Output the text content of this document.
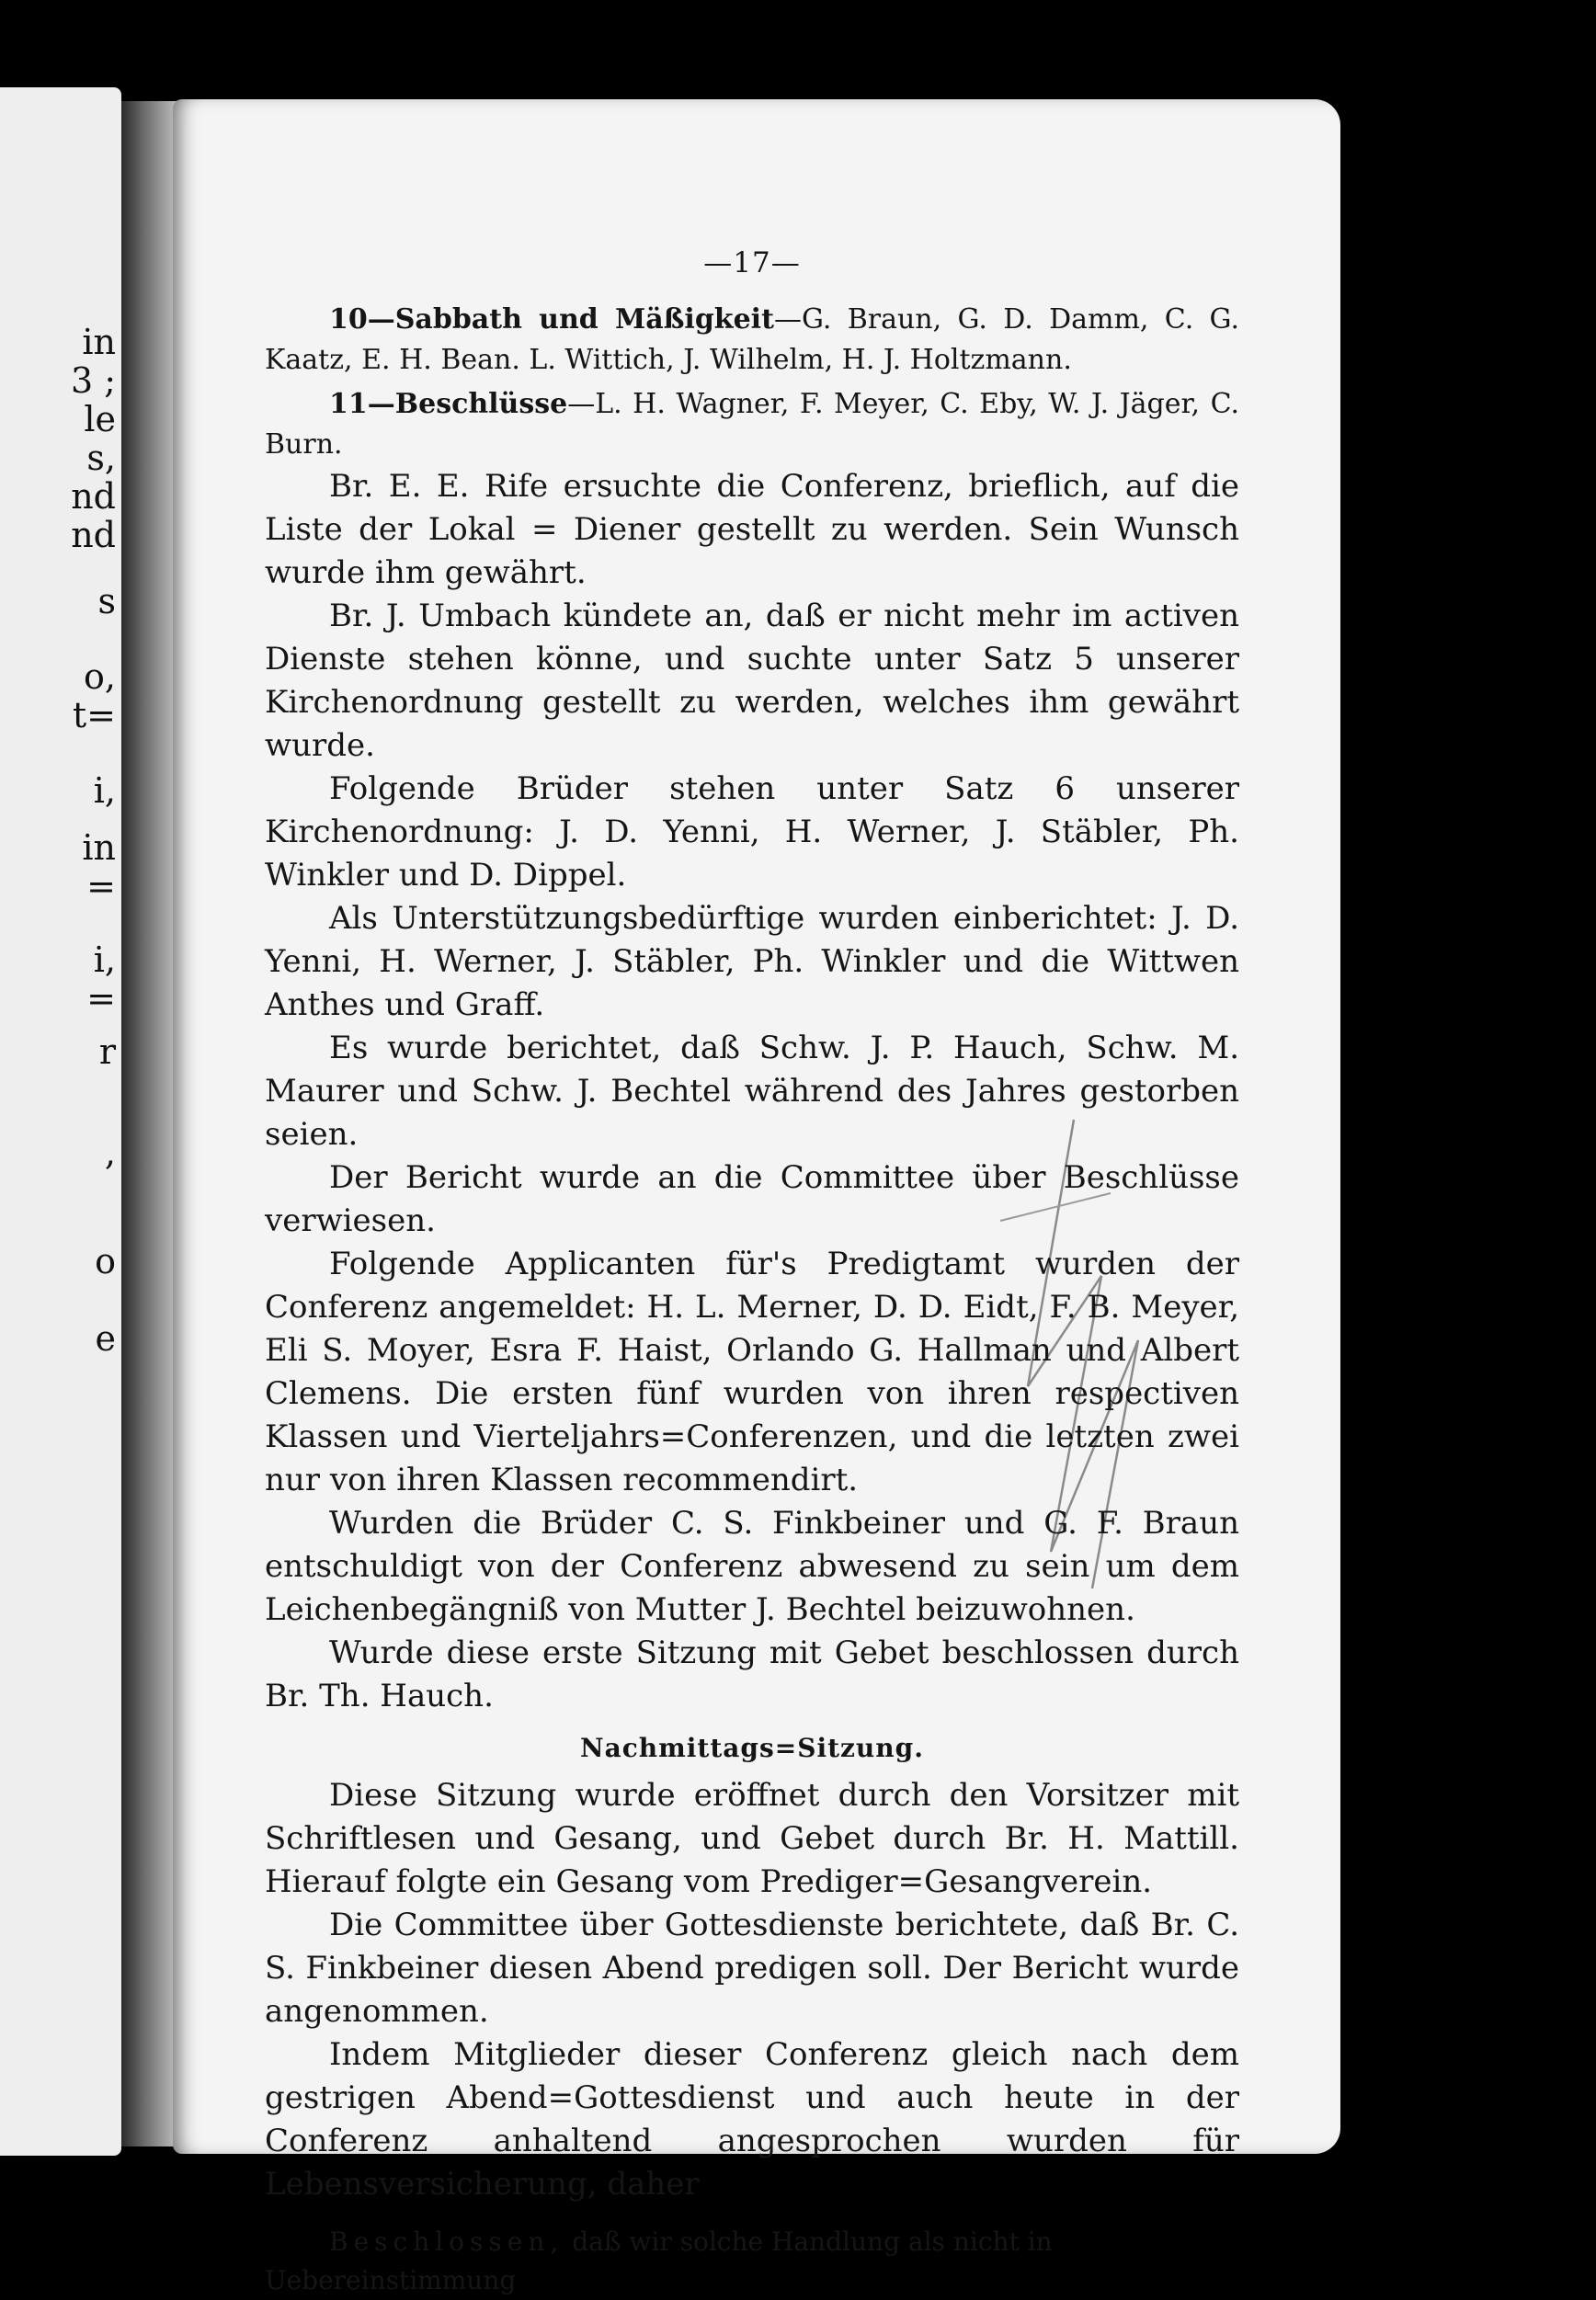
in

3 ;

le

s,

nd

nd

s

o,

t=

i,

in

=

i,

=

r

,

o

e

—17—

10—Sabbath und Mäßigkeit—G. Braun, G. D. Damm, C. G. Kaatz, E. H. Bean. L. Wittich, J. Wilhelm, H. J. Holtzmann.

11—Beschlüsse—L. H. Wagner, F. Meyer, C. Eby, W. J. Jäger, C. Burn.

Br. E. E. Rife ersuchte die Conferenz, brieflich, auf die Liste der Lokal = Diener gestellt zu werden. Sein Wunsch wurde ihm gewährt.

Br. J. Umbach kündete an, daß er nicht mehr im activen Dienste stehen könne, und suchte unter Satz 5 unserer Kirchenordnung gestellt zu werden, welches ihm gewährt wurde.

Folgende Brüder stehen unter Satz 6 unserer Kirchenordnung: J. D. Yenni, H. Werner, J. Stäbler, Ph. Winkler und D. Dippel.

Als Unterstützungsbedürftige wurden einberichtet: J. D. Yenni, H. Werner, J. Stäbler, Ph. Winkler und die Wittwen Anthes und Graff.

Es wurde berichtet, daß Schw. J. P. Hauch, Schw. M. Maurer und Schw. J. Bechtel während des Jahres gestorben seien.

Der Bericht wurde an die Committee über Beschlüsse verwiesen.

Folgende Applicanten für's Predigtamt wurden der Conferenz angemeldet: H. L. Merner, D. D. Eidt, F. B. Meyer, Eli S. Moyer, Esra F. Haist, Orlando G. Hallman und Albert Clemens. Die ersten fünf wurden von ihren respectiven Klassen und Vierteljahrs=Conferenzen, und die letzten zwei nur von ihren Klassen recommendirt.

Wurden die Brüder C. S. Finkbeiner und G. F. Braun entschuldigt von der Conferenz abwesend zu sein um dem Leichenbegängniß von Mutter J. Bechtel beizuwohnen.

Wurde diese erste Sitzung mit Gebet beschlossen durch Br. Th. Hauch.

Nachmittags=Sitzung.

Diese Sitzung wurde eröffnet durch den Vorsitzer mit Schriftlesen und Gesang, und Gebet durch Br. H. Mattill. Hierauf folgte ein Gesang vom Prediger=Gesangverein.

Die Committee über Gottesdienste berichtete, daß Br. C. S. Finkbeiner diesen Abend predigen soll. Der Bericht wurde angenommen.

Indem Mitglieder dieser Conferenz gleich nach dem gestrigen Abend=Gottesdienst und auch heute in der Conferenz anhaltend angesprochen wurden für Lebensversicherung, daher

Beschlossen, daß wir solche Handlung als nicht in Uebereinstimmung
